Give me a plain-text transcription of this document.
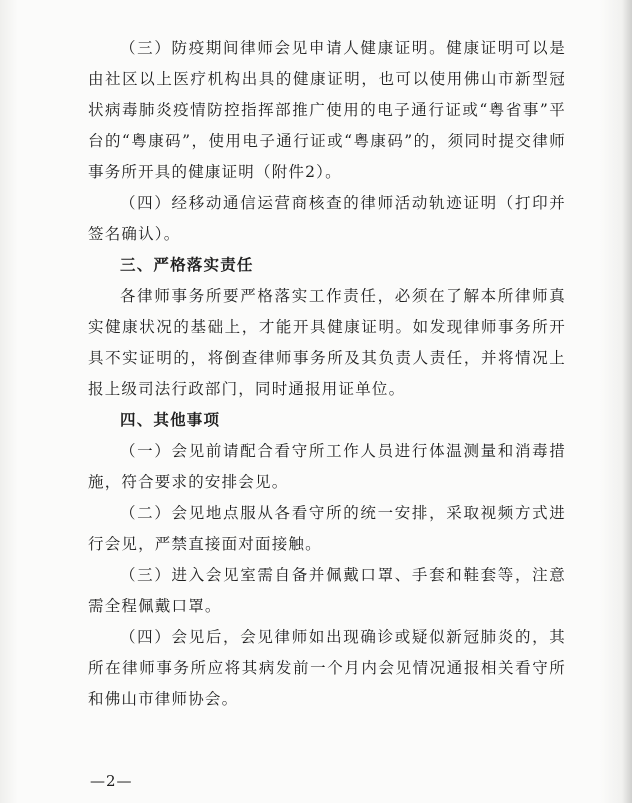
（三）防疫期间律师会见申请人健康证明。健康证明可以是由社区以上医疗机构出具的健康证明，也可以使用佛山市新型冠状病毒肺炎疫情防控指挥部推广使用的电子通行证或“粤省事”平台的“粤康码”，使用电子通行证或“粤康码”的，须同时提交律师事务所开具的健康证明（附件2）。

（四）经移动通信运营商核查的律师活动轨迹证明（打印并签名确认）。

三、严格落实责任

各律师事务所要严格落实工作责任，必须在了解本所律师真实健康状况的基础上，才能开具健康证明。如发现律师事务所开具不实证明的，将倒查律师事务所及其负责人责任，并将情况上报上级司法行政部门，同时通报用证单位。

四、其他事项

（一）会见前请配合看守所工作人员进行体温测量和消毒措施，符合要求的安排会见。

（二）会见地点服从各看守所的统一安排，采取视频方式进行会见，严禁直接面对面接触。

（三）进入会见室需自备并佩戴口罩、手套和鞋套等，注意需全程佩戴口罩。

（四）会见后，会见律师如出现确诊或疑似新冠肺炎的，其所在律师事务所应将其病发前一个月内会见情况通报相关看守所和佛山市律师协会。

—2—
